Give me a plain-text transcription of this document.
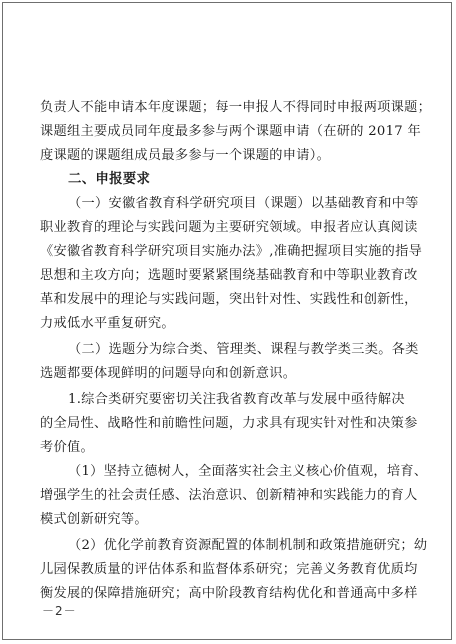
负责人不能申请本年度课题；每一申报人不得同时申报两项课题；
课题组主要成员同年度最多参与两个课题申请（在研的 2017 年
度课题的课题组成员最多参与一个课题的申请）。
二、申报要求
（一）安徽省教育科学研究项目（课题）以基础教育和中等
职业教育的理论与实践问题为主要研究领域。申报者应认真阅读
《安徽省教育科学研究项目实施办法》,准确把握项目实施的指导
思想和主攻方向；选题时要紧紧围绕基础教育和中等职业教育改
革和发展中的理论与实践问题，突出针对性、实践性和创新性，
力戒低水平重复研究。
（二）选题分为综合类、管理类、课程与教学类三类。各类
选题都要体现鲜明的问题导向和创新意识。
1.综合类研究要密切关注我省教育改革与发展中亟待解决
的全局性、战略性和前瞻性问题，力求具有现实针对性和决策参
考价值。
（1）坚持立德树人，全面落实社会主义核心价值观，培育、
增强学生的社会责任感、法治意识、创新精神和实践能力的育人
模式创新研究等。
（2）优化学前教育资源配置的体制机制和政策措施研究；幼
儿园保教质量的评估体系和监督体系研究；完善义务教育优质均
衡发展的保障措施研究；高中阶段教育结构优化和普通高中多样
－2－
